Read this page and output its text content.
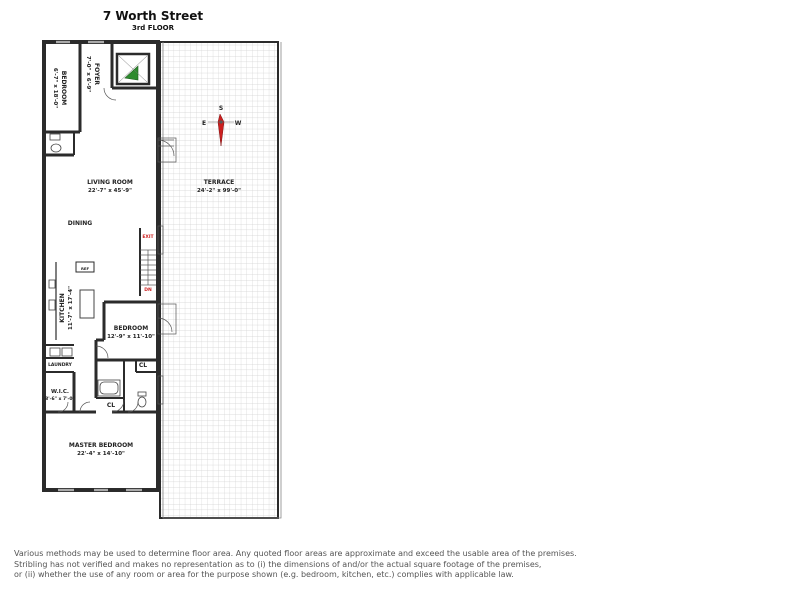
7 Worth Street
3rd FLOOR
S
E	W
BEDROOM
6'-7" x 18'-0"	FOYER
7'-0" x 6'-9"
LIVING ROOM
22'-7" x 45'-9"
DINING
TERRACE
24'-2" x 99'-0"
KITCHEN 11'-7" x 17'-4"	BEDROOM
12'-9" x 11'-10"
LAUNDRY
W.I.C.
8'-6" x 7'-0"
MASTER BEDROOM
22'-4" x 14'-10"
CL
CL
EXIT
DN
REF
Various methods may be used to determine floor area. Any quoted floor areas are approximate and exceed the usable area of the premises.
Stribling has not verified and makes no representation as to (i) the dimensions of and/or the actual square footage of the premises,
or (ii) whether the use of any room or area for the purpose shown (e.g. bedroom, kitchen, etc.) complies with applicable law.
